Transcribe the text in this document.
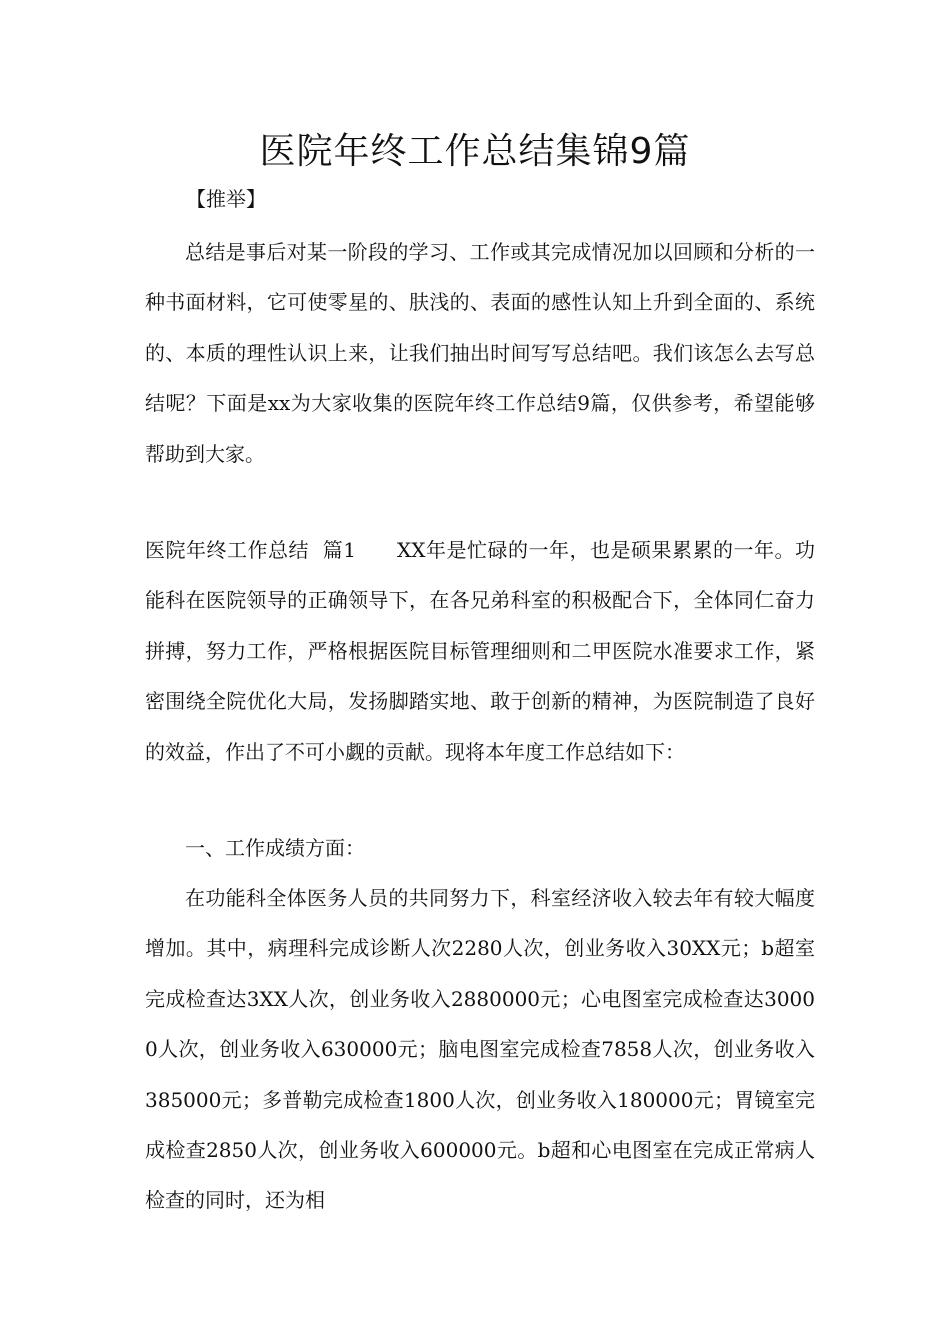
医院年终工作总结集锦9篇
【推举】

总结是事后对某一阶段的学习、工作或其完成情况加以回顾和分析的一种书面材料，它可使零星的、肤浅的、表面的感性认知上升到全面的、系统的、本质的理性认识上来，让我们抽出时间写写总结吧。我们该怎么去写总结呢？下面是xx为大家收集的医院年终工作总结9篇，仅供参考，希望能够帮助到大家。

医院年终工作总结  篇1      XX年是忙碌的一年，也是硕果累累的一年。功能科在医院领导的正确领导下，在各兄弟科室的积极配合下，全体同仁奋力拼搏，努力工作，严格根据医院目标管理细则和二甲医院水准要求工作，紧密围绕全院优化大局，发扬脚踏实地、敢于创新的精神，为医院制造了良好的效益，作出了不可小觑的贡献。现将本年度工作总结如下：

一、工作成绩方面：

在功能科全体医务人员的共同努力下，科室经济收入较去年有较大幅度增加。其中，病理科完成诊断人次2280人次，创业务收入30XX元；b超室完成检查达3XX人次，创业务收入2880000元；心电图室完成检查达30000人次，创业务收入630000元；脑电图室完成检查7858人次，创业务收入385000元；多普勒完成检查1800人次，创业务收入180000元；胃镜室完成检查2850人次，创业务收入600000元。b超和心电图室在完成正常病人检查的同时，还为相
